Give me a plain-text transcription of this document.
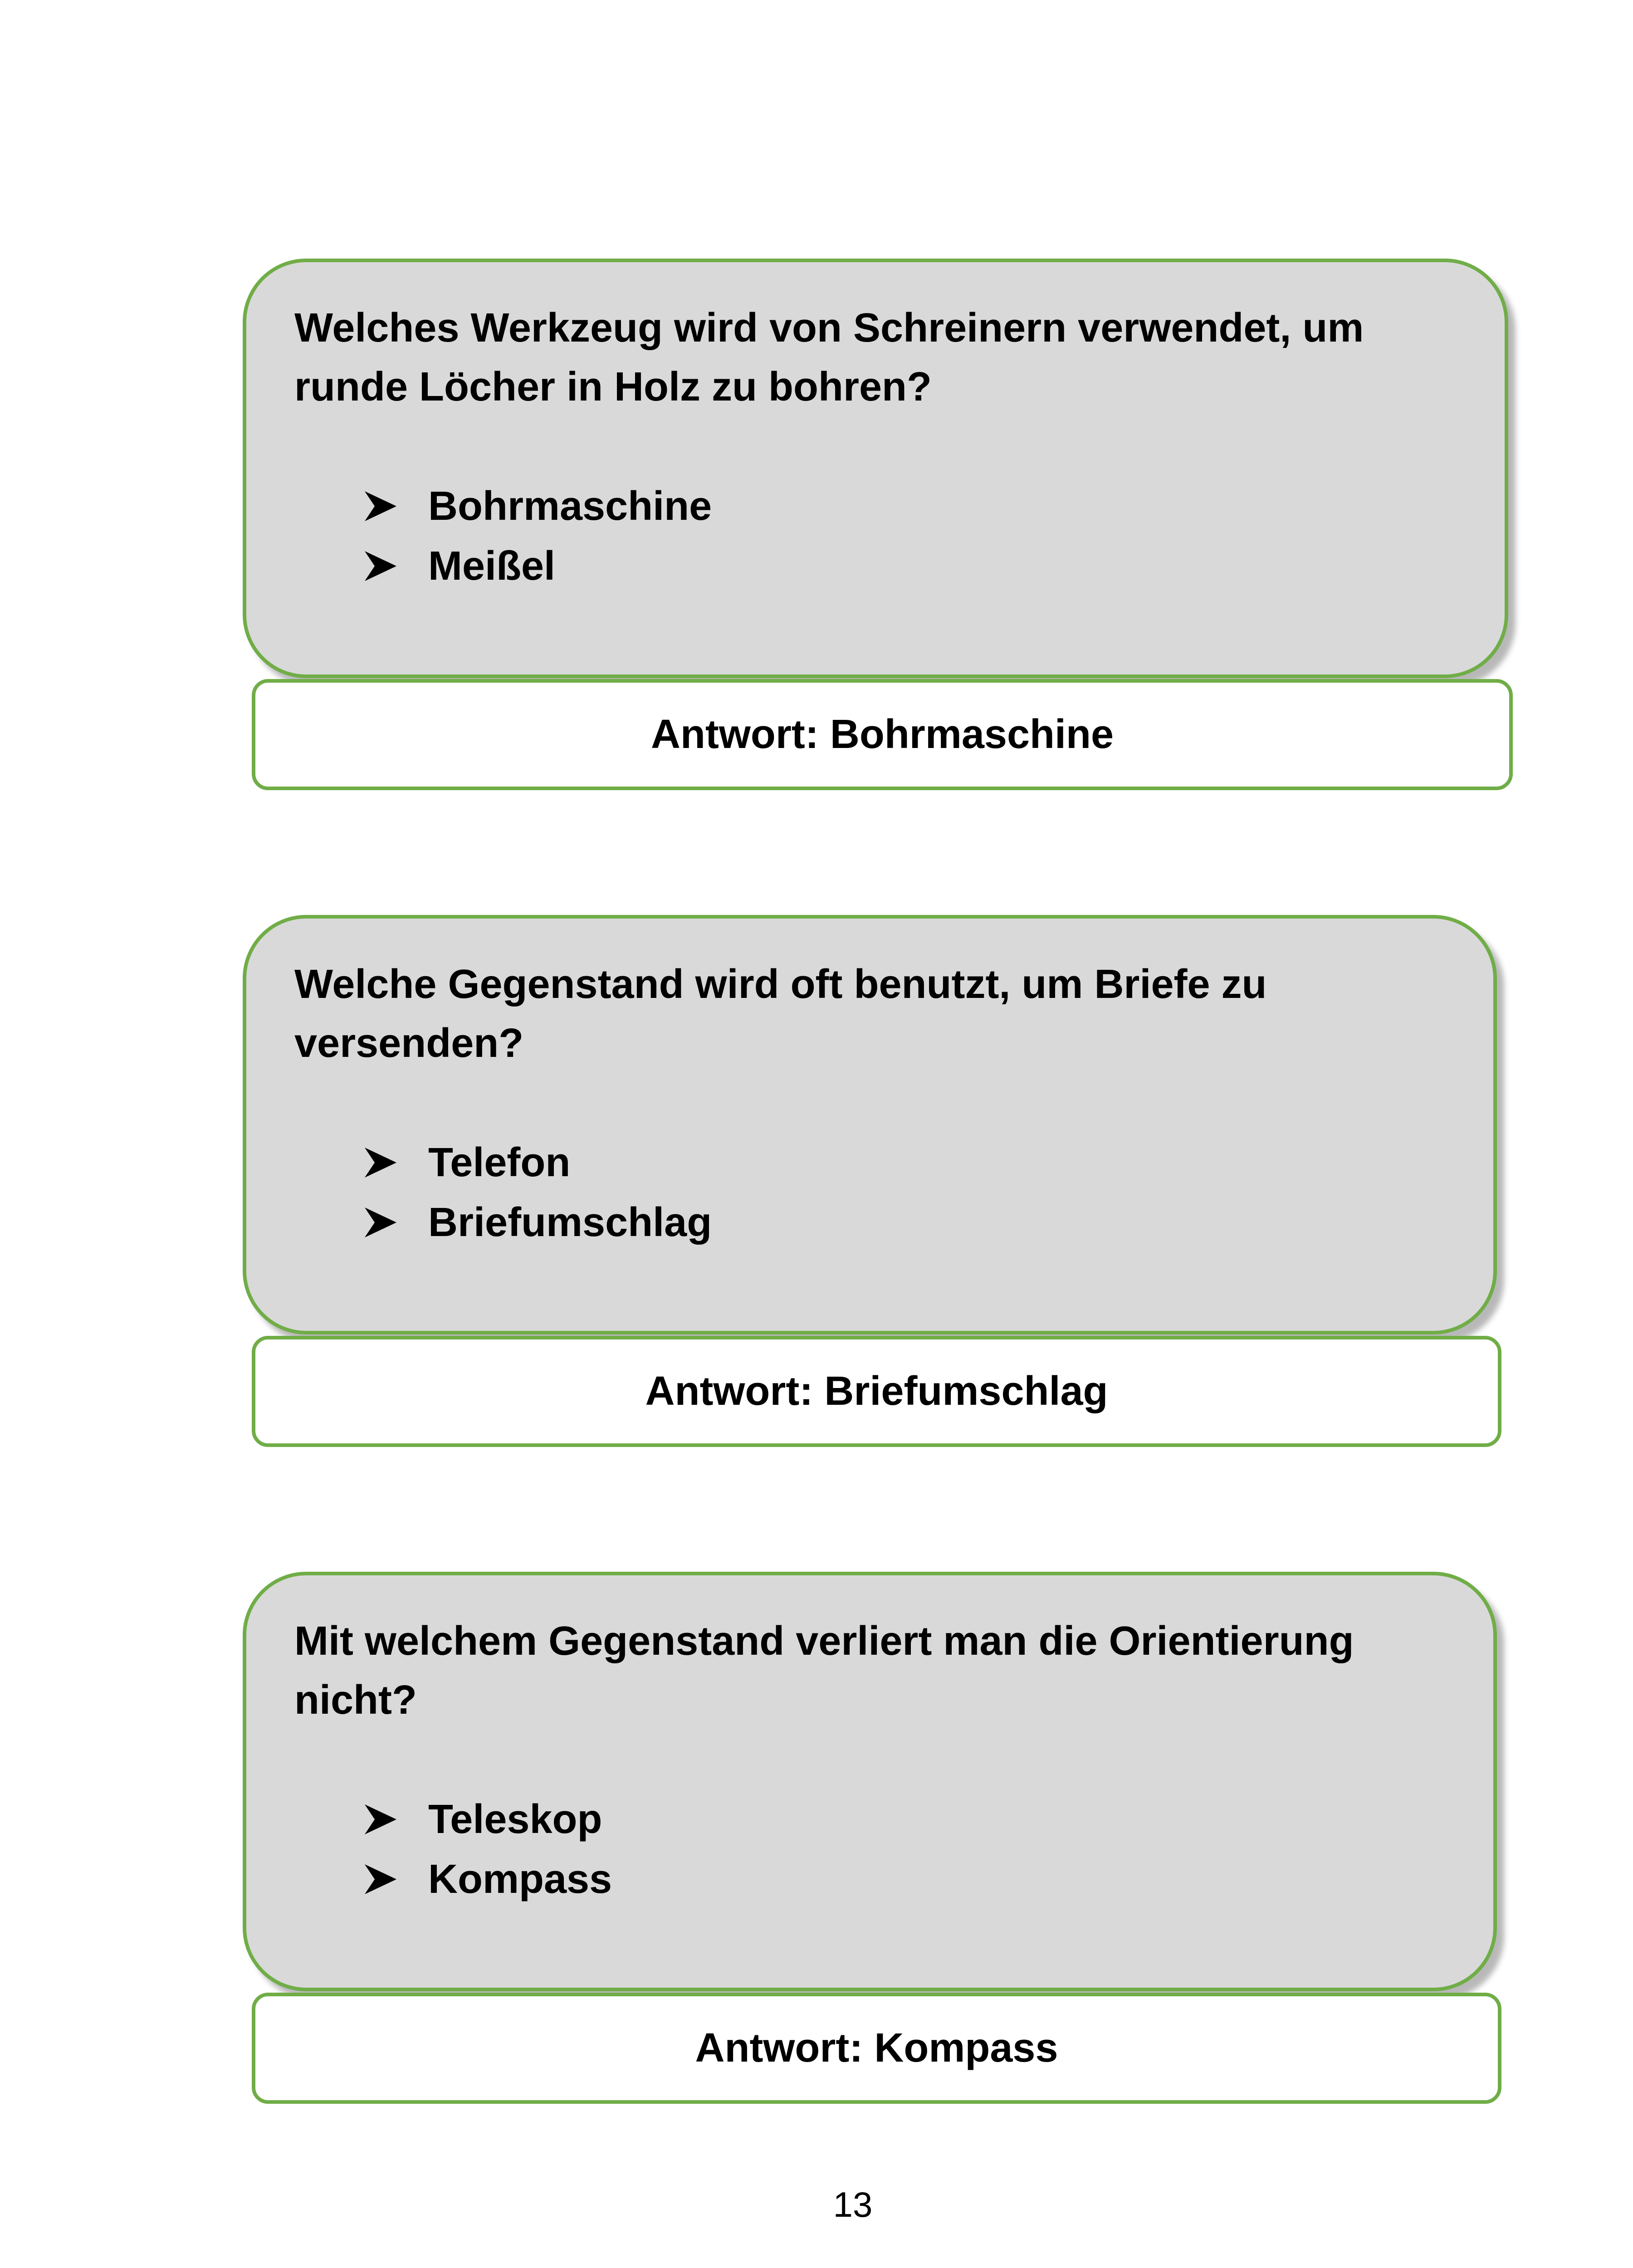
Welches Werkzeug wird von Schreinern verwendet, um
runde Löcher in Holz zu bohren?

Bohrmaschine
Meißel
Antwort: Bohrmaschine

Welche Gegenstand wird oft benutzt, um Briefe zu
versenden?

Telefon
Briefumschlag
Antwort: Briefumschlag

Mit welchem Gegenstand verliert man die Orientierung
nicht?

Teleskop
Kompass
Antwort: Kompass
13
